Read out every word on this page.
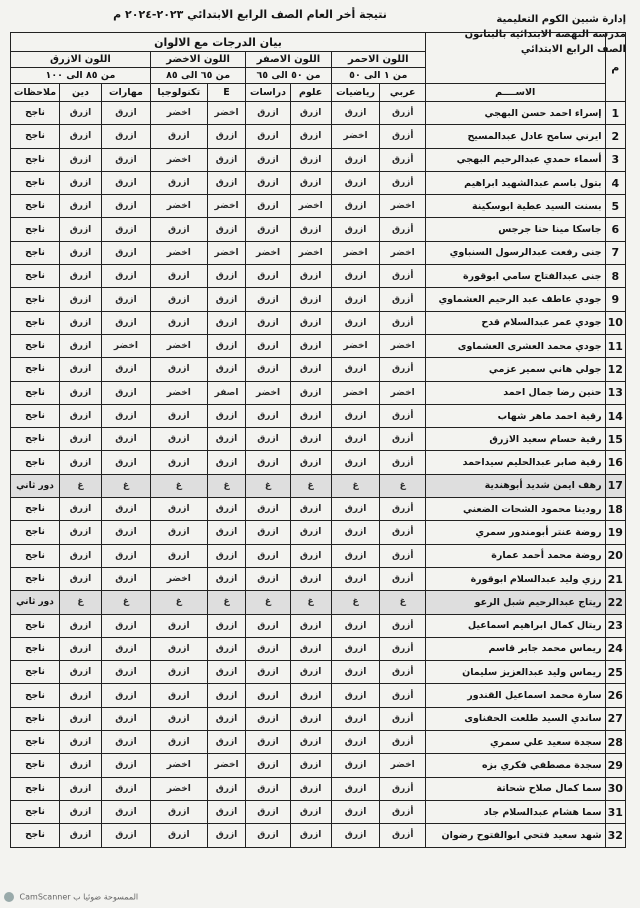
إدارة شبين الكوم التعليمية
مدرسة النهضة الابتدائية بالبتانون
الصف الرابع الابتدائي
نتيجة أخر العام الصف الرابع الابتدائي ٢٠٢٣-٢٠٢٤ م
م		بيان الدرجات مع الالوان								
		اللون الاحمر		اللون الاصفر		اللون الاخضر		اللون الازرق		
		من ١ الى ٥٠		من ٥٠ الى ٦٥		من ٦٥ الى ٨٥		من ٨٥ الى ١٠٠		
	الاســــم	عربي	رياضيات	علوم	دراسات	E	تكنولوجيا	مهارات	دين	ملاحظات
1	إسراء احمد حسن البهجي	أزرق	ازرق	ازرق	ازرق	اخضر	اخضر	ازرق	ازرق	ناجح
2	ايرني سامح عادل عبدالمسيح	أزرق	اخضر	ازرق	ازرق	ازرق	ازرق	ازرق	ازرق	ناجح
3	أسماء حمدي عبدالرحيم البهجي	أزرق	ازرق	ازرق	ازرق	ازرق	اخضر	ازرق	ازرق	ناجح
4	بتول باسم عبدالشهيد ابراهيم	أزرق	ازرق	ازرق	ازرق	ازرق	ازرق	ازرق	ازرق	ناجح
5	بسنت السيد عطية ابوسكينة	اخضر	ازرق	اخضر	ازرق	اخضر	اخضر	ازرق	ازرق	ناجح
6	جاسكا مينا حنا جرجس	أزرق	ازرق	ازرق	ازرق	ازرق	ازرق	ازرق	ازرق	ناجح
7	جنى رفعت عبدالرسول السنباوي	اخضر	اخضر	اخضر	اخضر	اخضر	اخضر	ازرق	ازرق	ناجح
8	جنى عبدالفتاح سامي ابوقورة	أزرق	ازرق	ازرق	ازرق	ازرق	ازرق	ازرق	ازرق	ناجح
9	جودي عاطف عبد الرحيم العشماوي	أزرق	ازرق	ازرق	ازرق	ازرق	ازرق	ازرق	ازرق	ناجح
10	جودي عمر عبدالسلام قدح	أزرق	ازرق	ازرق	ازرق	ازرق	ازرق	ازرق	ازرق	ناجح
11	جودي محمد العشرى العشماوى	اخضر	اخضر	ازرق	ازرق	ازرق	اخضر	اخضر	ازرق	ناجح
12	جولي هاني سمير عزمي	أزرق	ازرق	ازرق	ازرق	ازرق	ازرق	ازرق	ازرق	ناجح
13	حنين رضا جمال احمد	اخضر	اخضر	ازرق	اخضر	اصفر	اخضر	ازرق	ازرق	ناجح
14	رقية احمد ماهر شهاب	أزرق	ازرق	ازرق	ازرق	ازرق	ازرق	ازرق	ازرق	ناجح
15	رقية حسام سعيد الازرق	أزرق	ازرق	ازرق	ازرق	ازرق	ازرق	ازرق	ازرق	ناجح
16	رقية صابر عبدالحليم سيداحمد	أزرق	ازرق	ازرق	ازرق	ازرق	ازرق	ازرق	ازرق	ناجح
17	رهف ايمن شديد أبوهندية	غ	غ	غ	غ	غ	غ	غ	غ	دور ثاني
18	رودينا محمود الشحات الضعني	أزرق	ازرق	ازرق	ازرق	ازرق	ازرق	ازرق	ازرق	ناجح
19	روضة عنتر أبومندور سمري	أزرق	ازرق	ازرق	ازرق	ازرق	ازرق	ازرق	ازرق	ناجح
20	روضة محمد أحمد عمارة	أزرق	ازرق	ازرق	ازرق	ازرق	ازرق	ازرق	ازرق	ناجح
21	رزي وليد عبدالسلام ابوقورة	أزرق	ازرق	ازرق	ازرق	ازرق	اخضر	ازرق	ازرق	ناجح
22	ريتاج عبدالرحيم شبل الرعو	غ	غ	غ	غ	غ	غ	غ	غ	دور ثاني
23	ريتال كمال ابراهيم اسماعيل	أزرق	ازرق	ازرق	ازرق	ازرق	ازرق	ازرق	ازرق	ناجح
24	ريماس محمد جابر قاسم	أزرق	ازرق	ازرق	ازرق	ازرق	ازرق	ازرق	ازرق	ناجح
25	ريماس وليد عبدالعزيز سليمان	أزرق	ازرق	ازرق	ازرق	ازرق	ازرق	ازرق	ازرق	ناجح
26	سارة محمد اسماعيل القندور	أزرق	ازرق	ازرق	ازرق	ازرق	ازرق	ازرق	ازرق	ناجح
27	ساندي السيد طلعت الحفناوى	أزرق	ازرق	ازرق	ازرق	ازرق	ازرق	ازرق	ازرق	ناجح
28	سجدة سعيد علي سمري	أزرق	ازرق	ازرق	ازرق	ازرق	ازرق	ازرق	ازرق	ناجح
29	سجدة مصطفي فكري بزه	اخضر	ازرق	ازرق	ازرق	اخضر	اخضر	ازرق	ازرق	ناجح
30	سما كمال صلاح شحاتة	أزرق	ازرق	ازرق	ازرق	ازرق	اخضر	ازرق	ازرق	ناجح
31	سما هشام عبدالسلام جاد	أزرق	ازرق	ازرق	ازرق	ازرق	ازرق	ازرق	ازرق	ناجح
32	شهد سعيد فتحي ابوالفتوح رضوان	أزرق	ازرق	ازرق	ازرق	ازرق	ازرق	ازرق	ازرق	ناجح
CamScanner الممسوحة ضوئيا ب
